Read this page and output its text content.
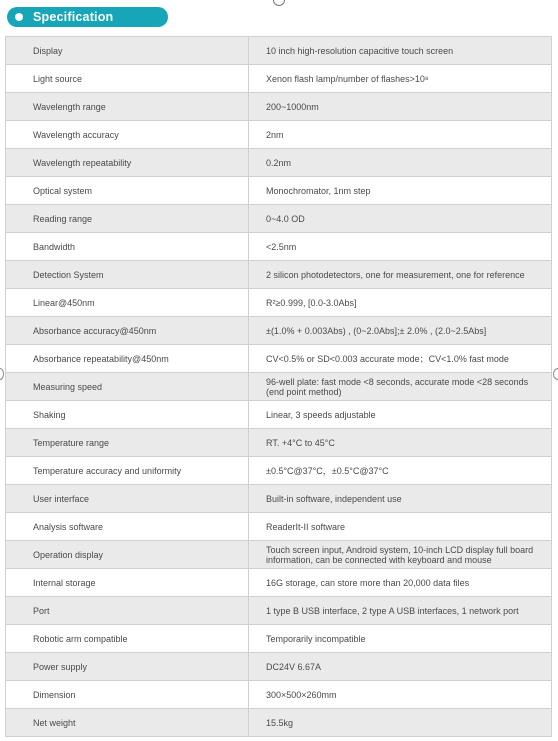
Specification
Display	10 inch high-resolution capacitive touch screen
Light source	Xenon flash lamp/number of flashes>10⁸
Wavelength range	200~1000nm
Wavelength accuracy	2nm
Wavelength repeatability	0.2nm
Optical system	Monochromator, 1nm step
Reading range	0~4.0 OD
Bandwidth	<2.5nm
Detection System	2 silicon photodetectors, one for measurement, one for reference
Linear@450nm	R²≥0.999, [0.0-3.0Abs]
Absorbance accuracy@450nm	±(1.0% + 0.003Abs) , (0~2.0Abs];± 2.0% , (2.0~2.5Abs]
Absorbance repeatability@450nm	CV<0.5% or SD<0.003 accurate mode；CV<1.0% fast mode
Measuring speed	96-well plate: fast mode <8 seconds, accurate mode <28 seconds (end point method)
Shaking	Linear, 3 speeds adjustable
Temperature range	RT. +4°C to 45°C
Temperature accuracy and uniformity	±0.5°C@37°C，±0.5°C@37°C
User interface	Built-in software, independent use
Analysis software	ReaderIt-II software
Operation display	Touch screen input, Android system, 10-inch LCD display full board information, can be connected with keyboard and mouse
Internal storage	16G storage, can store more than 20,000 data files
Port	1 type B USB interface, 2 type A USB interfaces, 1 network port
Robotic arm compatible	Temporarily incompatible
Power supply	DC24V 6.67A
Dimension	300×500×260mm
Net weight	15.5kg
